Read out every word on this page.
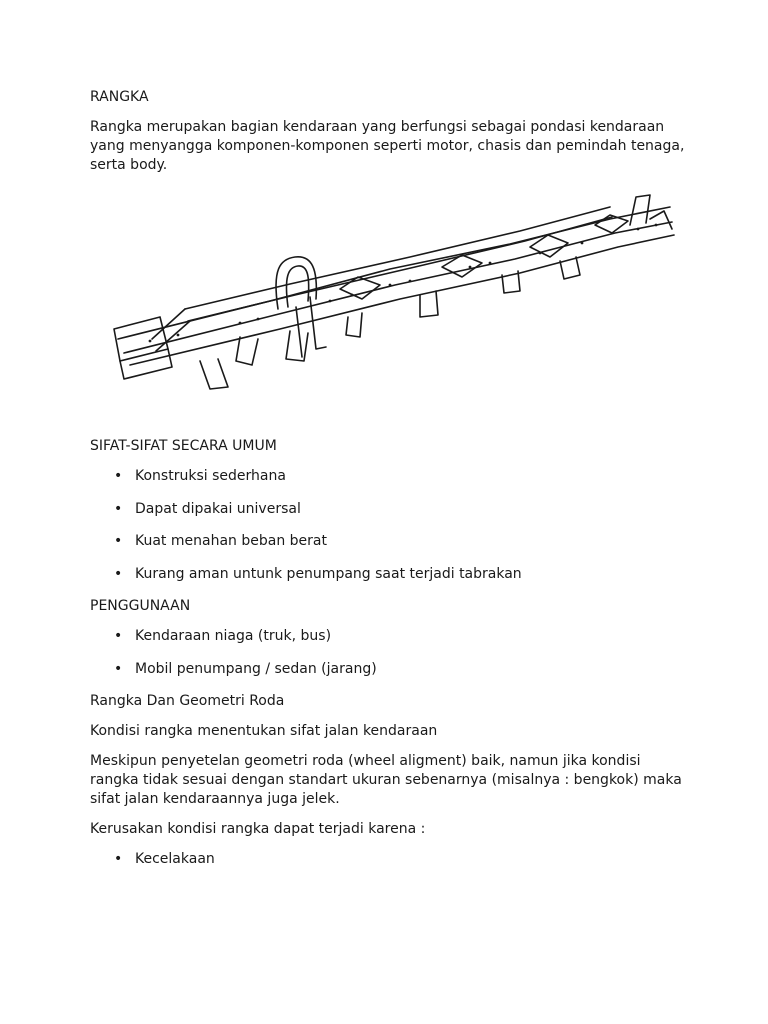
RANGKA

Rangka merupakan bagian kendaraan yang berfungsi sebagai pondasi kendaraan yang menyangga komponen-komponen seperti motor, chasis dan pemindah tenaga, serta body.

SIFAT-SIFAT SECARA UMUM

• Konstruksi sederhana
• Dapat dipakai universal
• Kuat menahan beban berat
• Kurang aman untunk penumpang saat terjadi tabrakan

PENGGUNAAN

• Kendaraan niaga (truk, bus)
• Mobil penumpang / sedan (jarang)

Rangka Dan Geometri Roda

Kondisi rangka menentukan sifat jalan kendaraan

Meskipun penyetelan geometri roda (wheel aligment) baik, namun jika kondisi rangka tidak sesuai dengan standart ukuran sebenarnya (misalnya : bengkok) maka sifat jalan kendaraannya juga jelek.

Kerusakan kondisi rangka dapat terjadi karena :

• Kecelakaan
